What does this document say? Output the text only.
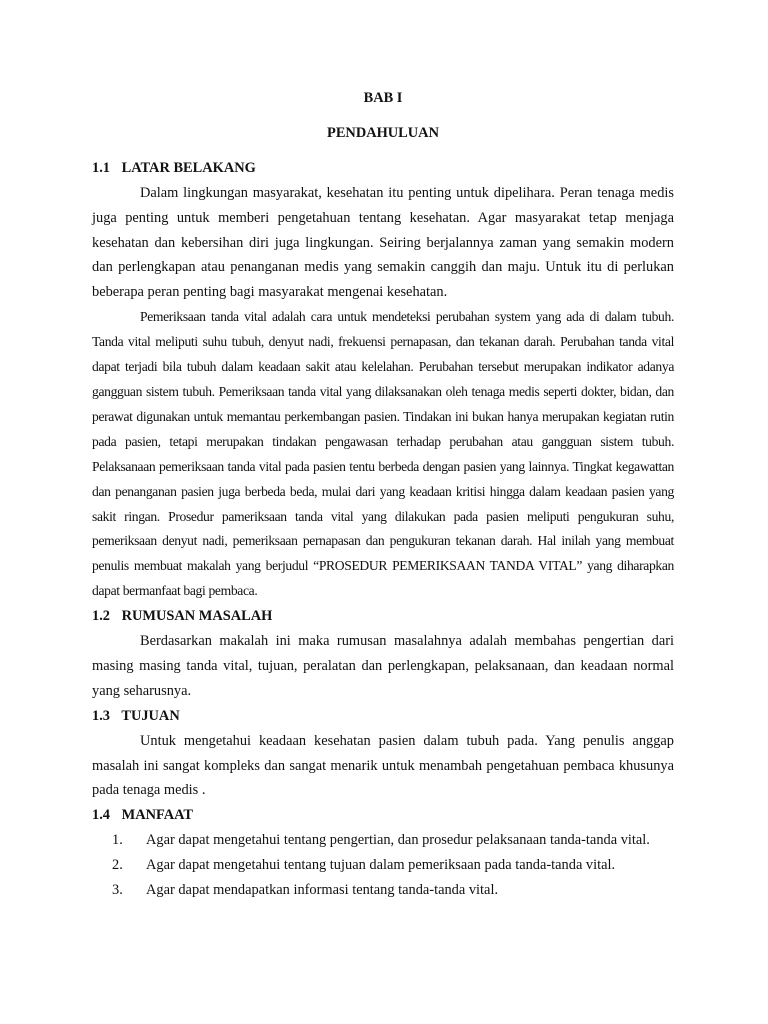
BAB I

PENDAHULUAN

1.1 LATAR BELAKANG

Dalam lingkungan masyarakat, kesehatan itu penting untuk dipelihara. Peran tenaga medis juga penting untuk memberi pengetahuan tentang kesehatan. Agar masyarakat tetap menjaga kesehatan dan kebersihan diri juga lingkungan. Seiring berjalannya zaman yang semakin modern dan perlengkapan atau penanganan medis yang semakin canggih dan maju. Untuk itu di perlukan beberapa peran penting bagi masyarakat mengenai kesehatan.

Pemeriksaan tanda vital adalah cara untuk mendeteksi perubahan system yang ada di dalam tubuh. Tanda vital meliputi suhu tubuh, denyut nadi, frekuensi pernapasan, dan tekanan darah. Perubahan tanda vital dapat terjadi bila tubuh dalam keadaan sakit atau kelelahan. Perubahan tersebut merupakan indikator adanya gangguan sistem tubuh. Pemeriksaan tanda vital yang dilaksanakan oleh tenaga medis seperti dokter, bidan, dan perawat digunakan untuk memantau perkembangan pasien. Tindakan ini bukan hanya merupakan kegiatan rutin pada pasien, tetapi merupakan tindakan pengawasan terhadap perubahan atau gangguan sistem tubuh. Pelaksanaan pemeriksaan tanda vital pada pasien tentu berbeda dengan pasien yang lainnya. Tingkat kegawattan dan penanganan pasien juga berbeda beda, mulai dari yang keadaan kritisi hingga dalam keadaan pasien yang sakit ringan. Prosedur pameriksaan tanda vital yang dilakukan pada pasien meliputi pengukuran suhu, pemeriksaan denyut nadi, pemeriksaan pernapasan dan pengukuran tekanan darah. Hal inilah yang membuat penulis membuat makalah yang berjudul “PROSEDUR PEMERIKSAAN TANDA VITAL” yang diharapkan dapat bermanfaat bagi pembaca.

1.2 RUMUSAN MASALAH

Berdasarkan makalah ini maka rumusan masalahnya adalah membahas pengertian dari masing masing tanda vital, tujuan, peralatan dan perlengkapan, pelaksanaan, dan keadaan normal yang seharusnya.

1.3 TUJUAN

Untuk mengetahui keadaan kesehatan pasien dalam tubuh pada. Yang penulis anggap masalah ini sangat kompleks dan sangat menarik untuk menambah pengetahuan pembaca khusunya pada tenaga medis .

1.4 MANFAAT

1.	Agar dapat mengetahui tentang pengertian, dan prosedur pelaksanaan tanda-tanda vital.
2.	Agar dapat mengetahui tentang tujuan dalam pemeriksaan pada tanda-tanda vital.
3.	Agar dapat mendapatkan informasi tentang tanda-tanda vital.
